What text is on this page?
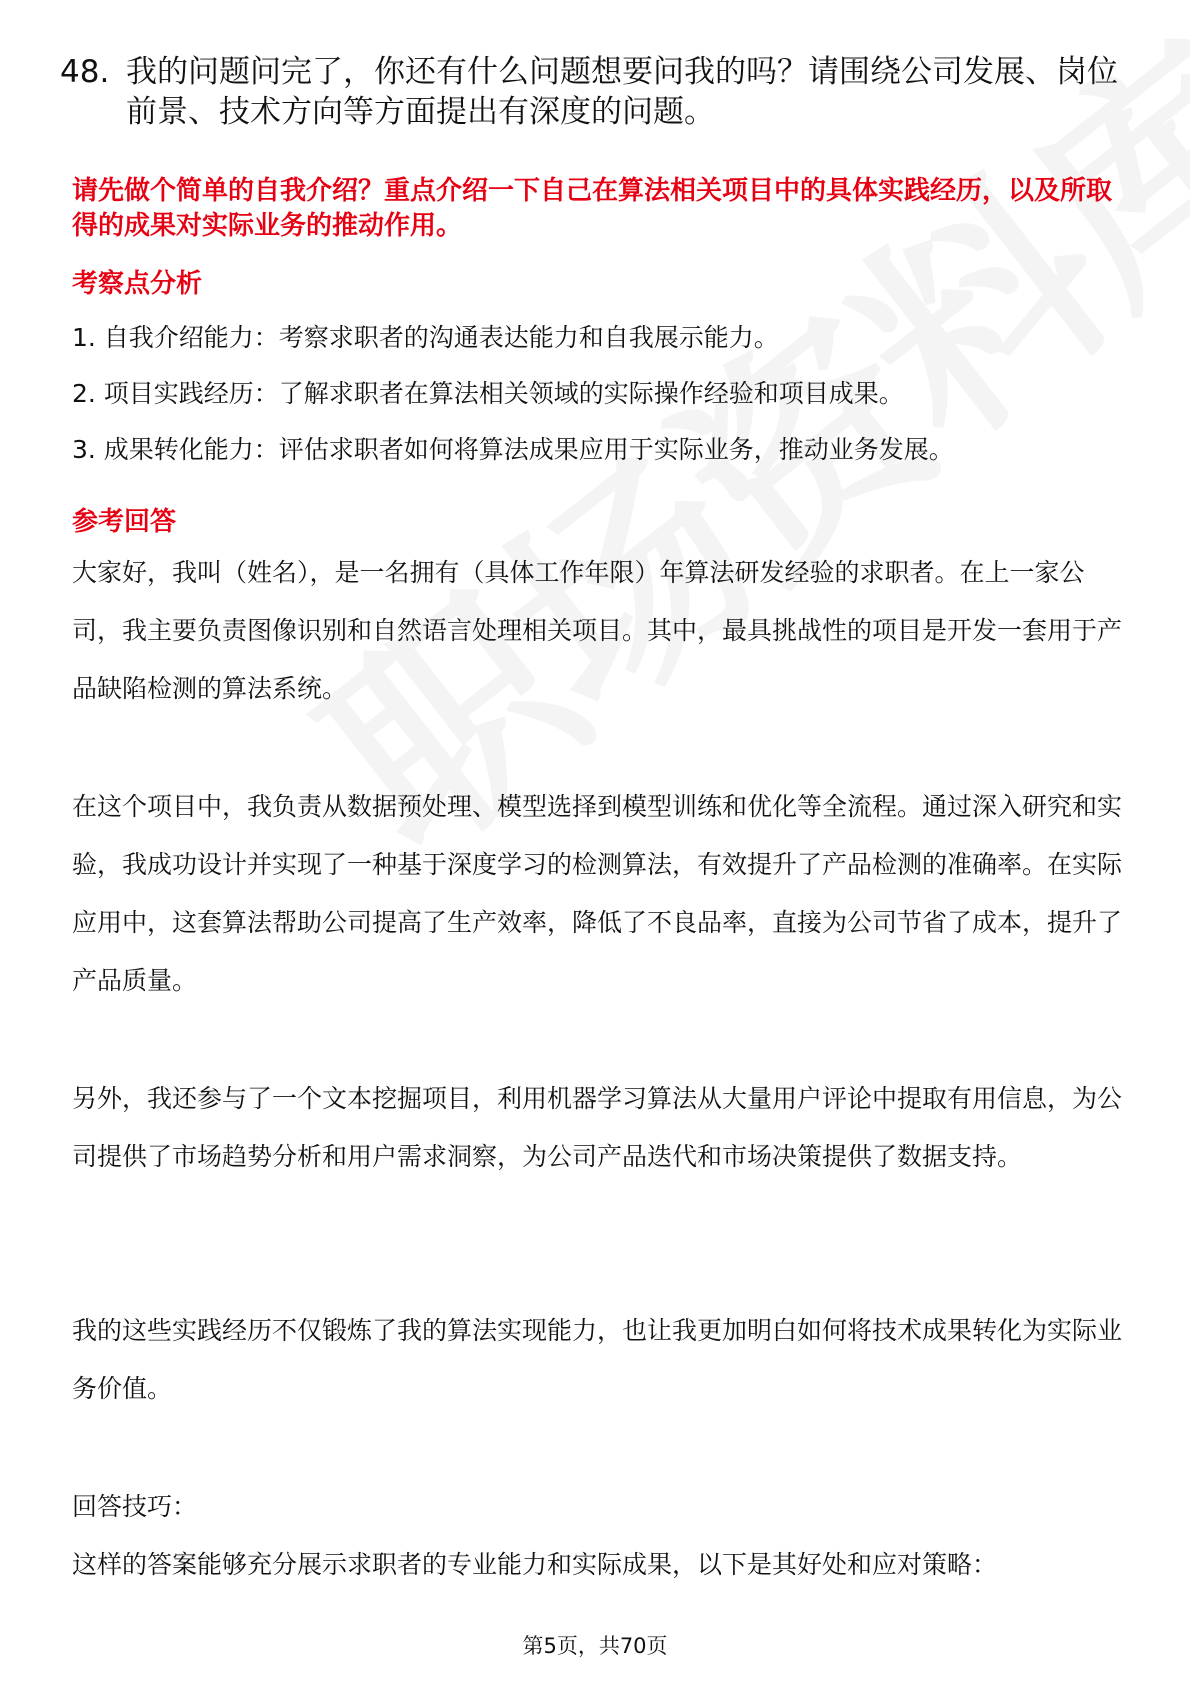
48. 我的问题问完了，你还有什么问题想要问我的吗？请围绕公司发展、岗位前景、技术方向等方面提出有深度的问题。
请先做个简单的自我介绍？重点介绍一下自己在算法相关项目中的具体实践经历，以及所取得的成果对实际业务的推动作用。
考察点分析
1. 自我介绍能力：考察求职者的沟通表达能力和自我展示能力。
2. 项目实践经历：了解求职者在算法相关领域的实际操作经验和项目成果。
3. 成果转化能力：评估求职者如何将算法成果应用于实际业务，推动业务发展。
参考回答
大家好，我叫（姓名），是一名拥有（具体工作年限）年算法研发经验的求职者。在上一家公司，我主要负责图像识别和自然语言处理相关项目。其中，最具挑战性的项目是开发一套用于产品缺陷检测的算法系统。
在这个项目中，我负责从数据预处理、模型选择到模型训练和优化等全流程。通过深入研究和实验，我成功设计并实现了一种基于深度学习的检测算法，有效提升了产品检测的准确率。在实际应用中，这套算法帮助公司提高了生产效率，降低了不良品率，直接为公司节省了成本，提升了产品质量。
另外，我还参与了一个文本挖掘项目，利用机器学习算法从大量用户评论中提取有用信息，为公司提供了市场趋势分析和用户需求洞察，为公司产品迭代和市场决策提供了数据支持。
我的这些实践经历不仅锻炼了我的算法实现能力，也让我更加明白如何将技术成果转化为实际业务价值。
回答技巧：
这样的答案能够充分展示求职者的专业能力和实际成果，以下是其好处和应对策略：
第5页，共70页
